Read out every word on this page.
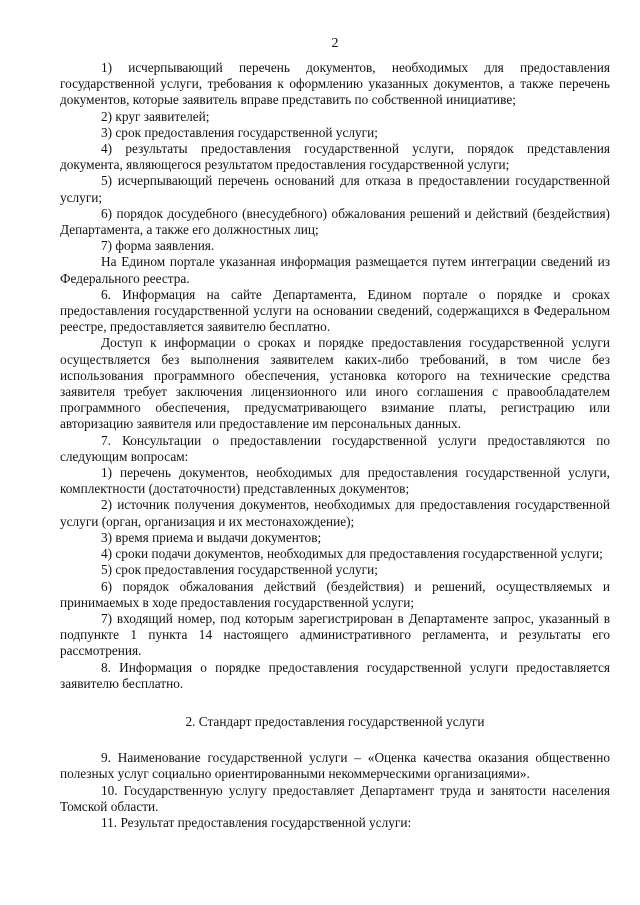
2

1) исчерпывающий перечень документов, необходимых для предоставления государственной услуги, требования к оформлению указанных документов, а также перечень документов, которые заявитель вправе представить по собственной инициативе;

2) круг заявителей;

3) срок предоставления государственной услуги;

4) результаты предоставления государственной услуги, порядок представления документа, являющегося результатом предоставления государственной услуги;

5) исчерпывающий перечень оснований для отказа в предоставлении государственной услуги;

6) порядок досудебного (внесудебного) обжалования решений и действий (бездействия) Департамента, а также его должностных лиц;

7) форма заявления.

На Едином портале указанная информация размещается путем интеграции сведений из Федерального реестра.

6. Информация на сайте Департамента, Едином портале о порядке и сроках предоставления государственной услуги на основании сведений, содержащихся в Федеральном реестре, предоставляется заявителю бесплатно.

Доступ к информации о сроках и порядке предоставления государственной услуги осуществляется без выполнения заявителем каких-либо требований, в том числе без использования программного обеспечения, установка которого на технические средства заявителя требует заключения лицензионного или иного соглашения с правообладателем программного обеспечения, предусматривающего взимание платы, регистрацию или авторизацию заявителя или предоставление им персональных данных.

7. Консультации о предоставлении государственной услуги предоставляются по следующим вопросам:

1) перечень документов, необходимых для предоставления государственной услуги, комплектности (достаточности) представленных документов;

2) источник получения документов, необходимых для предоставления государственной услуги (орган, организация и их местонахождение);

3) время приема и выдачи документов;

4) сроки подачи документов, необходимых для предоставления государственной услуги;

5) срок предоставления государственной услуги;

6) порядок обжалования действий (бездействия) и решений, осуществляемых и принимаемых в ходе предоставления государственной услуги;

7) входящий номер, под которым зарегистрирован в Департаменте запрос, указанный в подпункте 1 пункта 14 настоящего административного регламента, и результаты его рассмотрения.

8. Информация о порядке предоставления государственной услуги предоставляется заявителю бесплатно.

2. Стандарт предоставления государственной услуги

9. Наименование государственной услуги – «Оценка качества оказания общественно полезных услуг социально ориентированными некоммерческими организациями».

10. Государственную услугу предоставляет Департамент труда и занятости населения Томской области.

11. Результат предоставления государственной услуги:
